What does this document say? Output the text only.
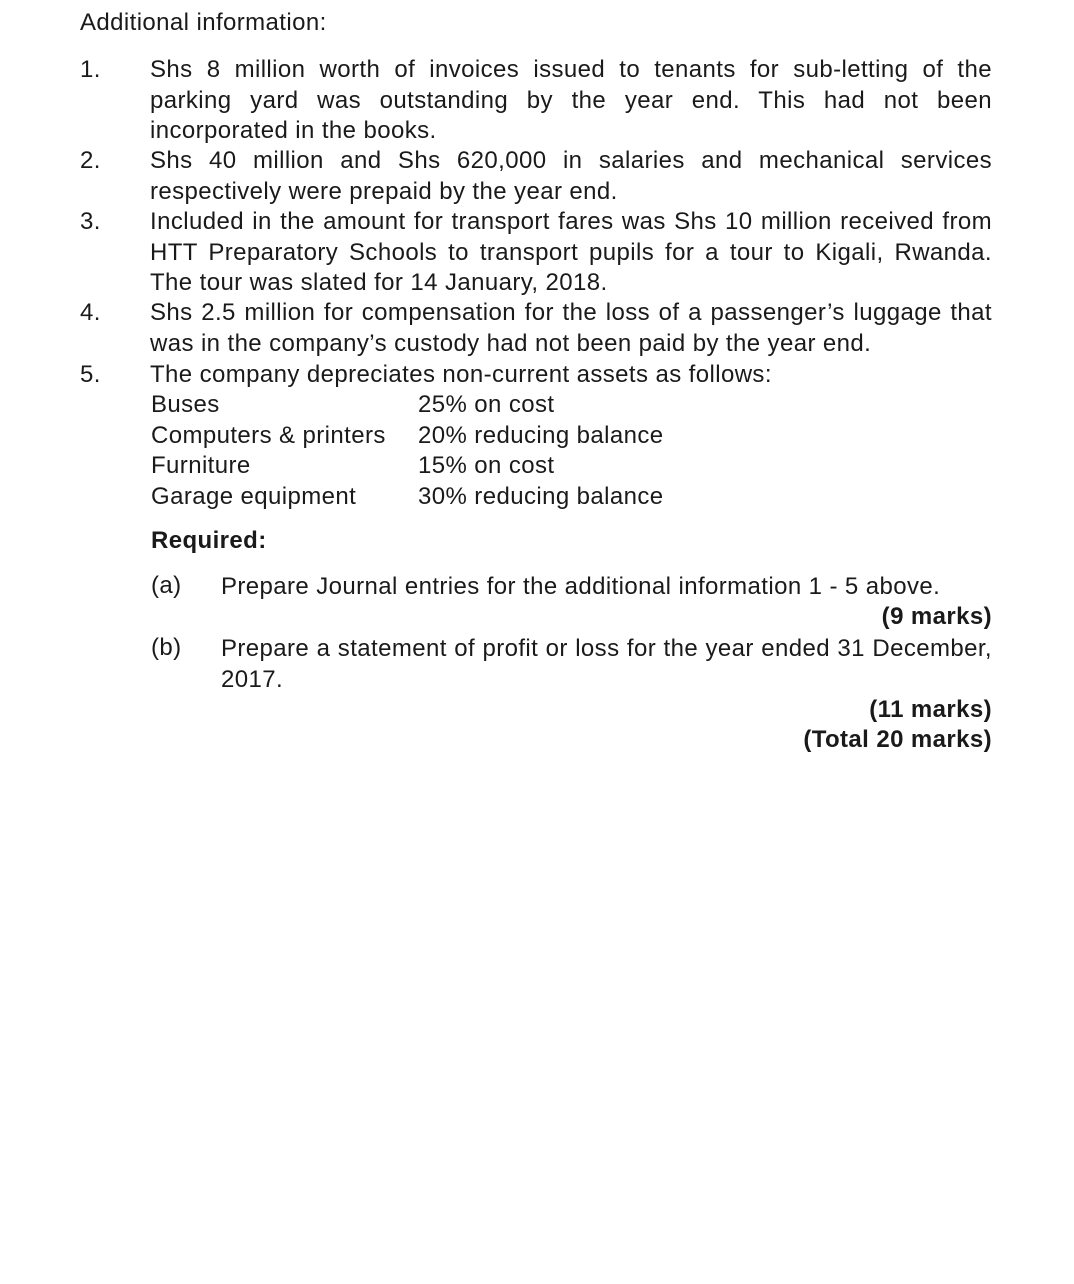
Additional information:
1. Shs 8 million worth of invoices issued to tenants for sub-letting of the parking yard was outstanding by the year end. This had not been incorporated in the books.
2. Shs 40 million and Shs 620,000 in salaries and mechanical services respectively were prepaid by the year end.
3. Included in the amount for transport fares was Shs 10 million received from HTT Preparatory Schools to transport pupils for a tour to Kigali, Rwanda. The tour was slated for 14 January, 2018.
4. Shs 2.5 million for compensation for the loss of a passenger’s luggage that was in the company’s custody had not been paid by the year end.
5. The company depreciates non-current assets as follows:
Buses	25% on cost
Computers & printers 20% reducing balance
Furniture	15% on cost
Garage equipment	30% reducing balance
Required:
(a) Prepare Journal entries for the additional information 1 - 5 above.
(9 marks)
(b) Prepare a statement of profit or loss for the year ended 31 December, 2017.
(11 marks)
(Total 20 marks)
